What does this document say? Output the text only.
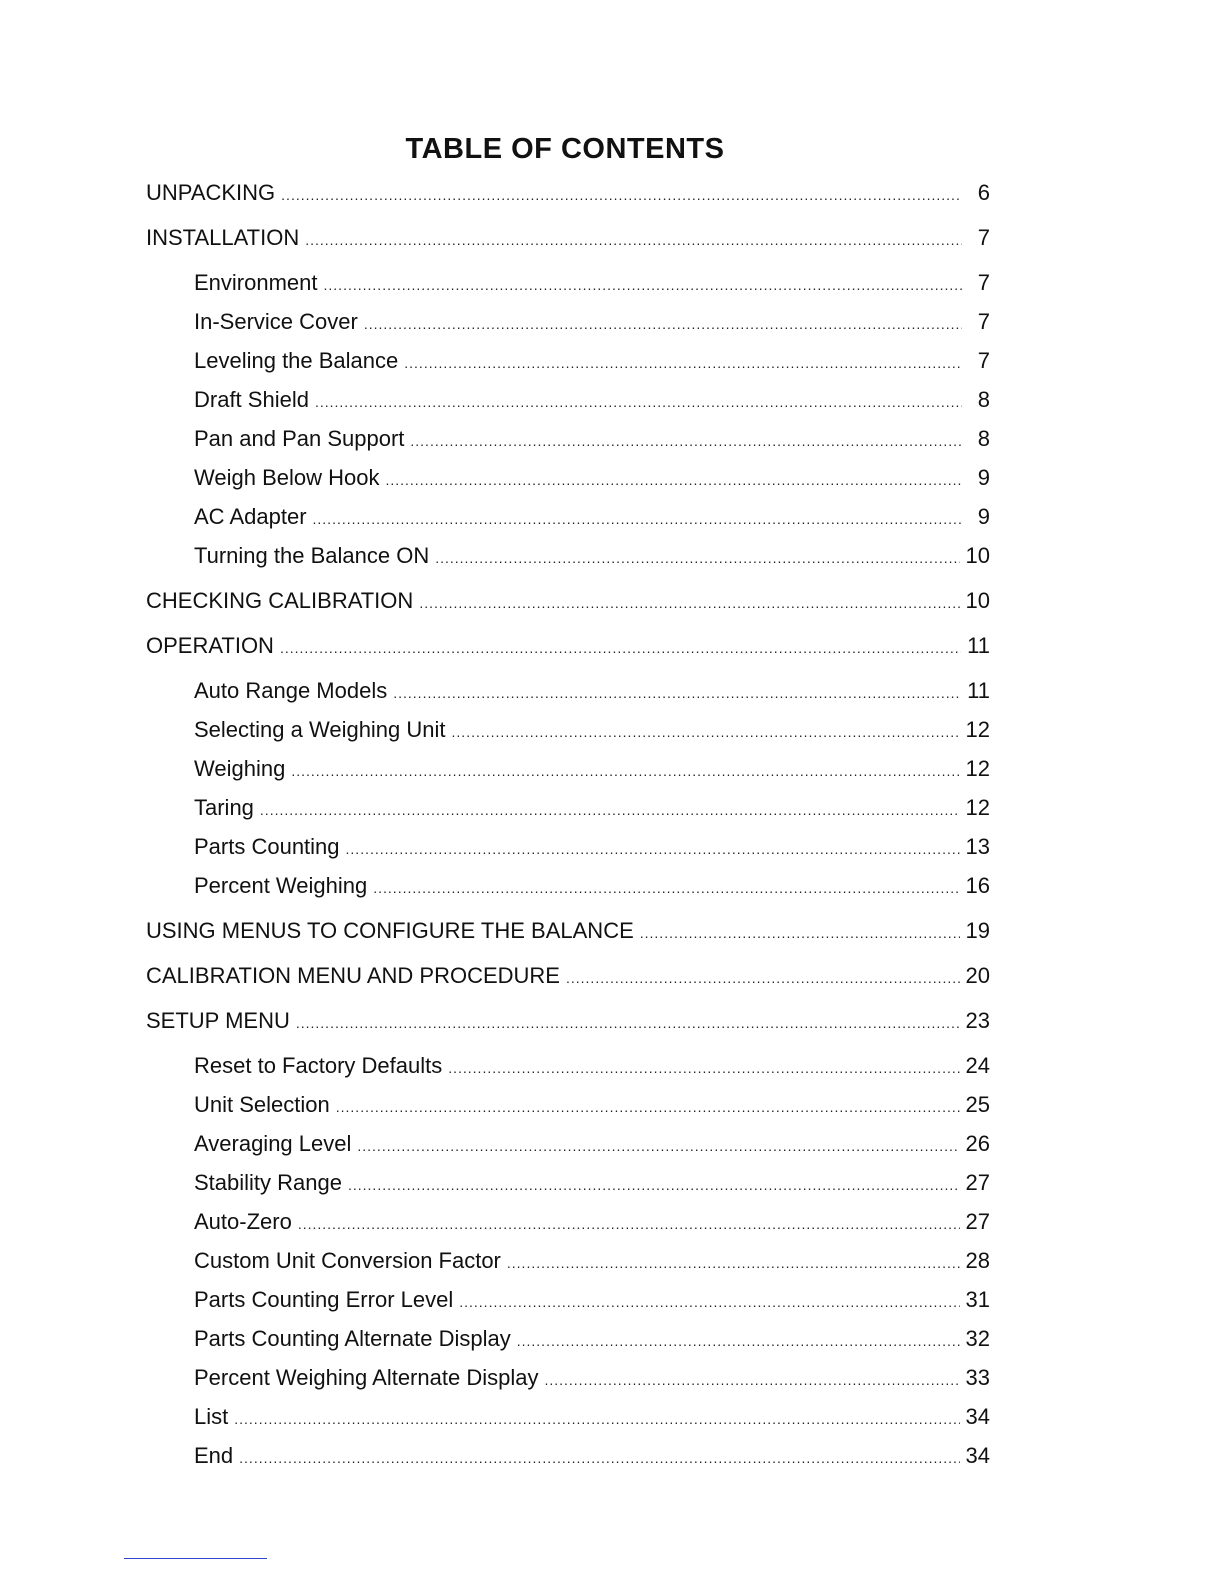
TABLE OF CONTENTS
UNPACKING .....	6
INSTALLATION .....	7
Environment .....	7
In-Service Cover .....	7
Leveling the Balance .....	7
Draft Shield .....	8
Pan and Pan Support .....	8
Weigh Below Hook .....	9
AC Adapter .....	9
Turning the Balance ON .....	10
CHECKING CALIBRATION .....	10
OPERATION .....	11
Auto Range Models .....	11
Selecting a Weighing Unit .....	12
Weighing .....	12
Taring .....	12
Parts Counting .....	13
Percent Weighing .....	16
USING MENUS TO CONFIGURE THE BALANCE .....	19
CALIBRATION MENU AND PROCEDURE .....	20
SETUP MENU .....	23
Reset to Factory Defaults .....	24
Unit Selection .....	25
Averaging Level .....	26
Stability Range .....	27
Auto-Zero .....	27
Custom Unit Conversion Factor .....	28
Parts Counting Error Level .....	31
Parts Counting Alternate Display .....	32
Percent Weighing Alternate Display .....	33
List .....	34
End .....	34
